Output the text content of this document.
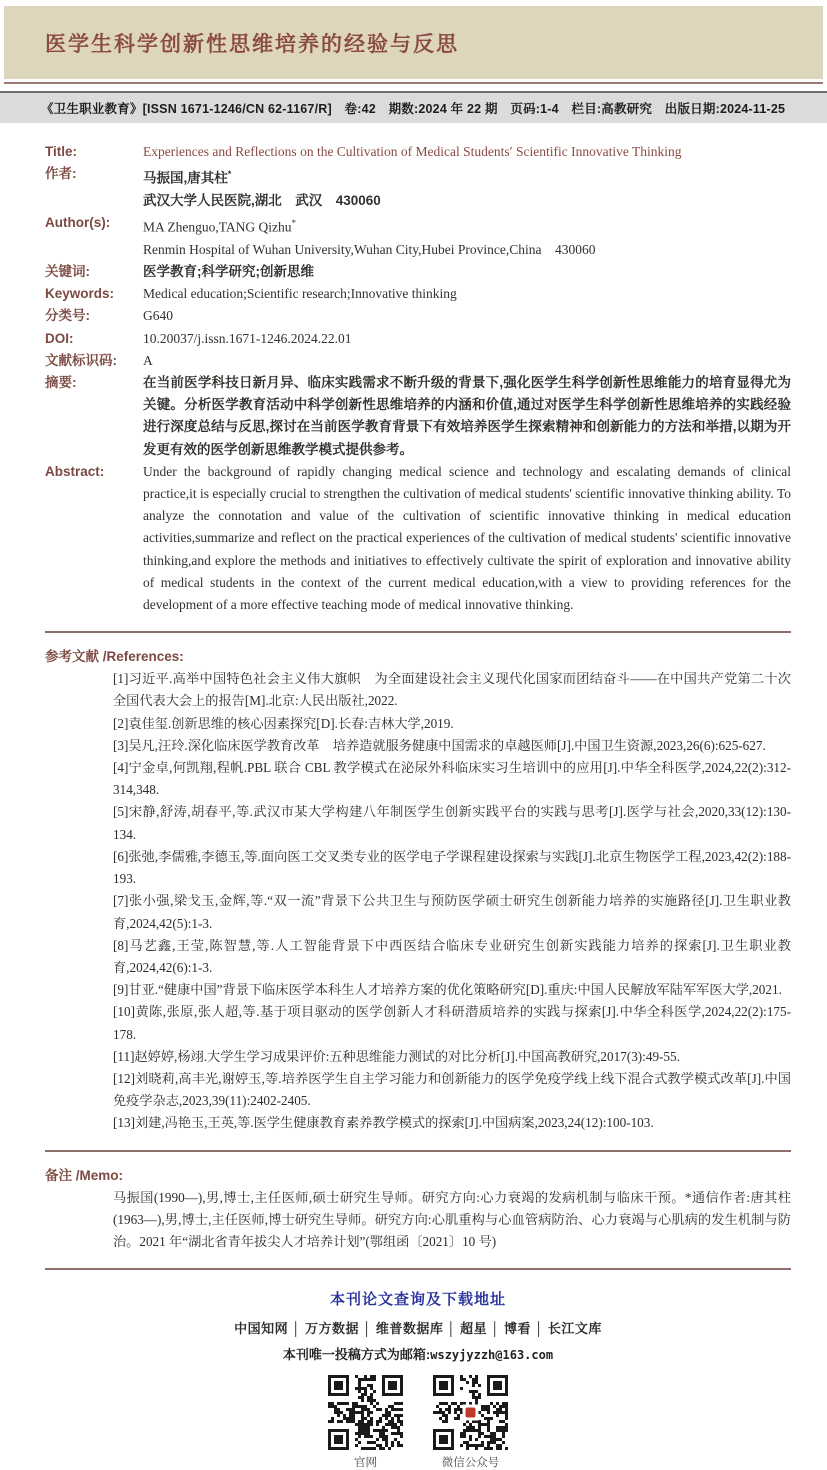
医学生科学创新性思维培养的经验与反思
《卫生职业教育》[ISSN 1671-1246/CN 62-1167/R]　卷:42　期数:2024 年 22 期　页码:1-4　栏目:高教研究　出版日期:2024-11-25
Title:	Experiences and Reflections on the Cultivation of Medical Students′ Scientific Innovative Thinking
作者:	马振国,唐其柱*
武汉大学人民医院,湖北　武汉　430060
Author(s):	MA Zhenguo,TANG Qizhu*
Renmin Hospital of Wuhan University,Wuhan City,Hubei Province,China　430060
关键词:	医学教育;科学研究;创新思维
Keywords:	Medical education;Scientific research;Innovative thinking
分类号:	G640
DOI:	10.20037/j.issn.1671-1246.2024.22.01
文献标识码:	A
摘要:	在当前医学科技日新月异、临床实践需求不断升级的背景下,强化医学生科学创新性思维能力的培育显得尤为关键。分析医学教育活动中科学创新性思维培养的内涵和价值,通过对医学生科学创新性思维培养的实践经验进行深度总结与反思,探讨在当前医学教育背景下有效培养医学生探索精神和创新能力的方法和举措,以期为开发更有效的医学创新思维教学模式提供参考。
Abstract:	Under the background of rapidly changing medical science and technology and escalating demands of clinical practice,it is especially crucial to strengthen the cultivation of medical students' scientific innovative thinking ability. To analyze the connotation and value of the cultivation of scientific innovative thinking in medical education activities,summarize and reflect on the practical experiences of the cultivation of medical students' scientific innovative thinking,and explore the methods and initiatives to effectively cultivate the spirit of exploration and innovative ability of medical students in the context of the current medical education,with a view to providing references for the development of a more effective teaching mode of medical innovative thinking.
参考文献 /References:
[1]习近平.高举中国特色社会主义伟大旗帜　为全面建设社会主义现代化国家而团结奋斗——在中国共产党第二十次全国代表大会上的报告[M].北京:人民出版社,2022.
[2]袁佳玺.创新思维的核心因素探究[D].长春:吉林大学,2019.
[3]吴凡,汪玲.深化临床医学教育改革　培养造就服务健康中国需求的卓越医师[J].中国卫生资源,2023,26(6):625-627.
[4]宁金卓,何凯翔,程帆.PBL 联合 CBL 教学模式在泌尿外科临床实习生培训中的应用[J].中华全科医学,2024,22(2):312-314,348.
[5]宋静,舒涛,胡春平,等.武汉市某大学构建八年制医学生创新实践平台的实践与思考[J].医学与社会,2020,33(12):130-134.
[6]张弛,李儒雅,李德玉,等.面向医工交叉类专业的医学电子学课程建设探索与实践[J].北京生物医学工程,2023,42(2):188-193.
[7]张小强,梁戈玉,金辉,等.“双一流”背景下公共卫生与预防医学硕士研究生创新能力培养的实施路径[J].卫生职业教育,2024,42(5):1-3.
[8]马艺鑫,王莹,陈智慧,等.人工智能背景下中西医结合临床专业研究生创新实践能力培养的探索[J].卫生职业教育,2024,42(6):1-3.
[9]甘亚.“健康中国”背景下临床医学本科生人才培养方案的优化策略研究[D].重庆:中国人民解放军陆军军医大学,2021.
[10]黄陈,张原,张人超,等.基于项目驱动的医学创新人才科研潜质培养的实践与探索[J].中华全科医学,2024,22(2):175-178.
[11]赵婷婷,杨翊.大学生学习成果评价:五种思维能力测试的对比分析[J].中国高教研究,2017(3):49-55.
[12]刘晓莉,高丰光,谢婷玉,等.培养医学生自主学习能力和创新能力的医学免疫学线上线下混合式教学模式改革[J].中国免疫学杂志,2023,39(11):2402-2405.
[13]刘建,冯艳玉,王英,等.医学生健康教育素养教学模式的探索[J].中国病案,2023,24(12):100-103.
备注 /Memo:
马振国(1990—),男,博士,主任医师,硕士研究生导师。研究方向:心力衰竭的发病机制与临床干预。*通信作者:唐其柱(1963—),男,博士,主任医师,博士研究生导师。研究方向:心肌重构与心血管病防治、心力衰竭与心肌病的发生机制与防治。2021 年“湖北省青年拔尖人才培养计划”(鄂组函〔2021〕10 号)
本刊论文查询及下载地址
中国知网 │ 万方数据 │ 维普数据库 │ 超星 │ 博看 │ 长江文库
本刊唯一投稿方式为邮箱:wszyjyzzh@163.com
官网	微信公众号
